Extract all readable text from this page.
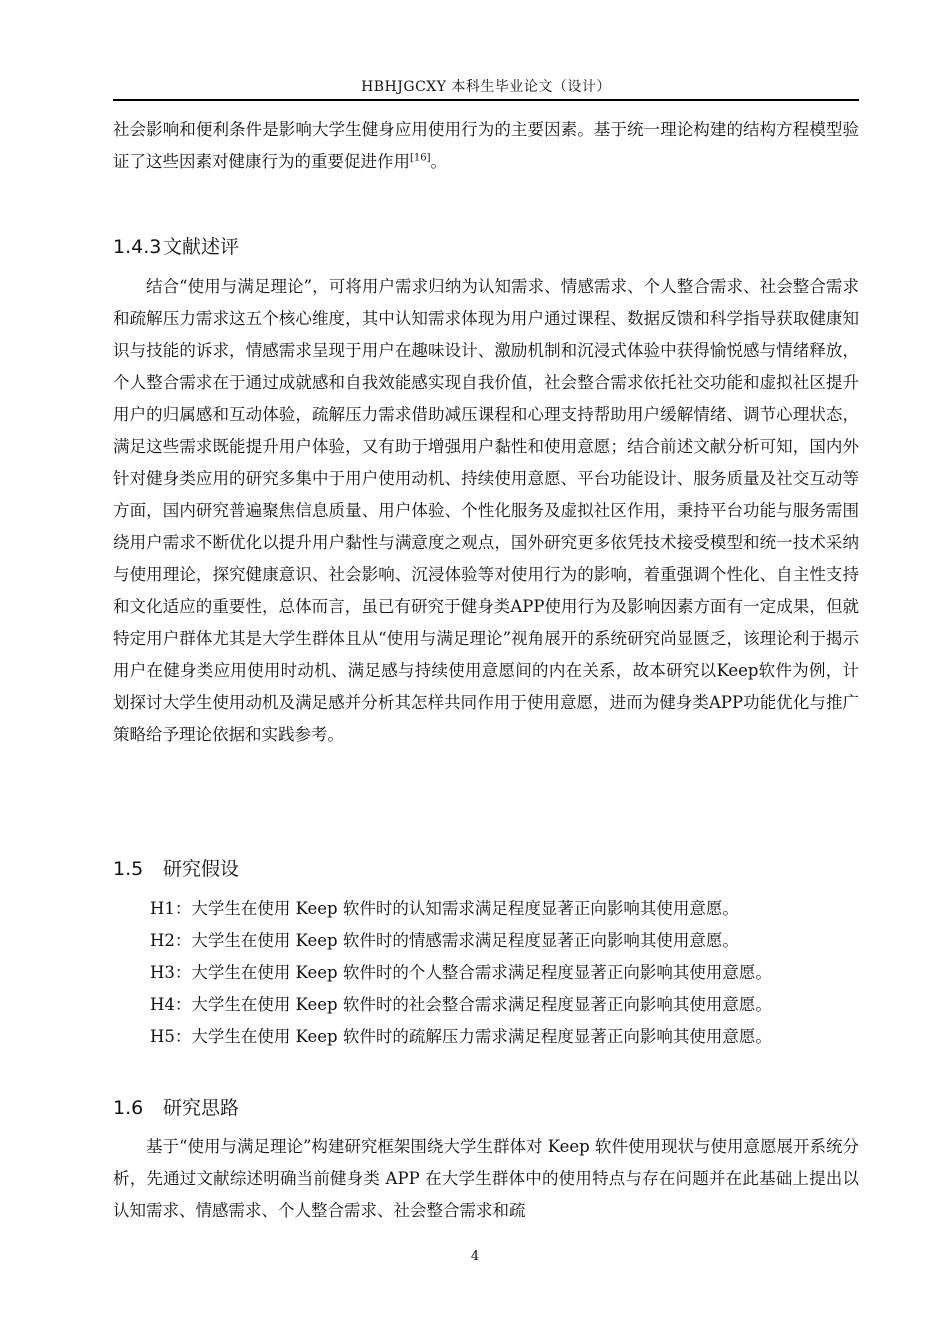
HBHJGCXY 本科生毕业论文（设计）

社会影响和便利条件是影响大学生健身应用使用行为的主要因素。基于统一理论构建的结构方程模型验证了这些因素对健康行为的重要促进作用[16]。

1.4.3文献述评

结合“使用与满足理论”，可将用户需求归纳为认知需求、情感需求、个人整合需求、社会整合需求和疏解压力需求这五个核心维度，其中认知需求体现为用户通过课程、数据反馈和科学指导获取健康知识与技能的诉求，情感需求呈现于用户在趣味设计、激励机制和沉浸式体验中获得愉悦感与情绪释放，个人整合需求在于通过成就感和自我效能感实现自我价值，社会整合需求依托社交功能和虚拟社区提升用户的归属感和互动体验，疏解压力需求借助减压课程和心理支持帮助用户缓解情绪、调节心理状态，满足这些需求既能提升用户体验，又有助于增强用户黏性和使用意愿；结合前述文献分析可知，国内外针对健身类应用的研究多集中于用户使用动机、持续使用意愿、平台功能设计、服务质量及社交互动等方面，国内研究普遍聚焦信息质量、用户体验、个性化服务及虚拟社区作用，秉持平台功能与服务需围绕用户需求不断优化以提升用户黏性与满意度之观点，国外研究更多依凭技术接受模型和统一技术采纳与使用理论，探究健康意识、社会影响、沉浸体验等对使用行为的影响，着重强调个性化、自主性支持和文化适应的重要性，总体而言，虽已有研究于健身类APP使用行为及影响因素方面有一定成果，但就特定用户群体尤其是大学生群体且从“使用与满足理论”视角展开的系统研究尚显匮乏，该理论利于揭示用户在健身类应用使用时动机、满足感与持续使用意愿间的内在关系，故本研究以Keep软件为例，计划探讨大学生使用动机及满足感并分析其怎样共同作用于使用意愿，进而为健身类APP功能优化与推广策略给予理论依据和实践参考。

1.5 研究假设
H1：大学生在使用 Keep 软件时的认知需求满足程度显著正向影响其使用意愿。
H2：大学生在使用 Keep 软件时的情感需求满足程度显著正向影响其使用意愿。
H3：大学生在使用 Keep 软件时的个人整合需求满足程度显著正向影响其使用意愿。
H4：大学生在使用 Keep 软件时的社会整合需求满足程度显著正向影响其使用意愿。
H5：大学生在使用 Keep 软件时的疏解压力需求满足程度显著正向影响其使用意愿。
1.6 研究思路

基于“使用与满足理论”构建研究框架围绕大学生群体对 Keep 软件使用现状与使用意愿展开系统分析，先通过文献综述明确当前健身类 APP 在大学生群体中的使用特点与存在问题并在此基础上提出以认知需求、情感需求、个人整合需求、社会整合需求和疏

4
